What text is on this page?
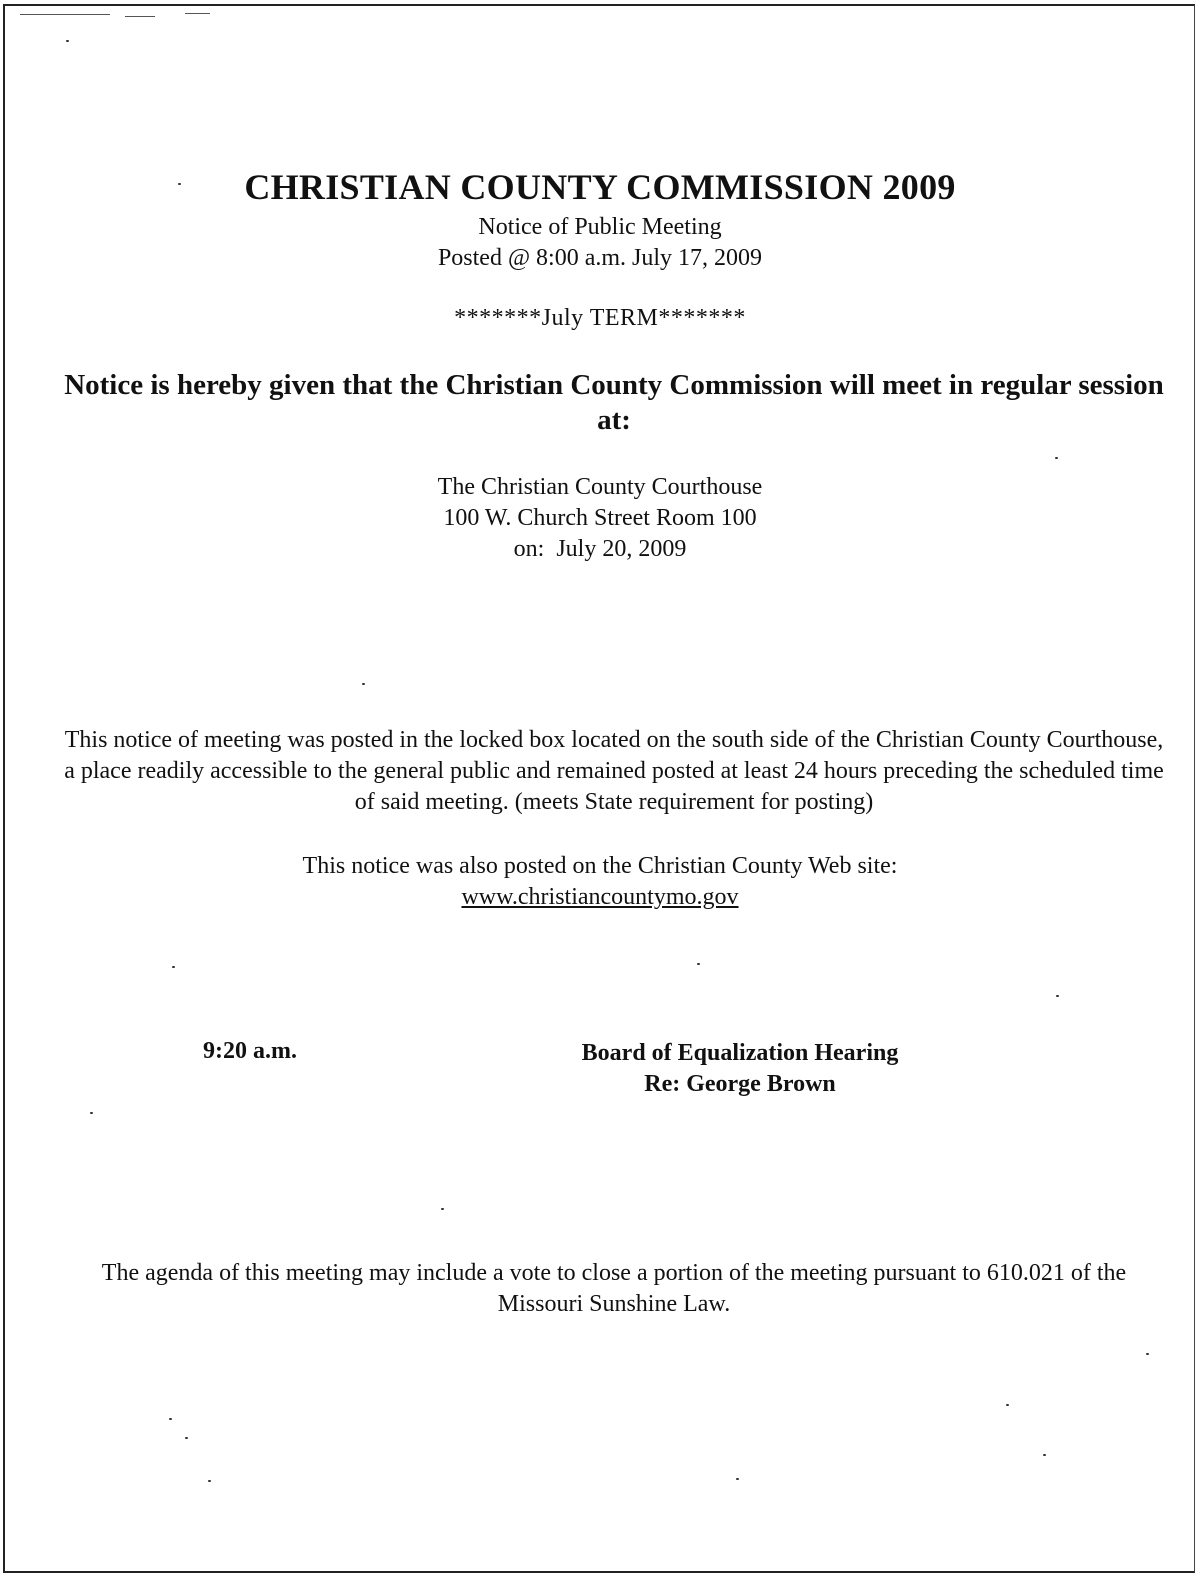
CHRISTIAN COUNTY COMMISSION 2009
Notice of Public Meeting
Posted @ 8:00 a.m. July 17, 2009
*******July TERM*******
Notice is hereby given that the Christian County Commission will meet in regular session at:
The Christian County Courthouse
100 W. Church Street Room 100
on:  July 20, 2009
This notice of meeting was posted in the locked box located on the south side of the Christian County Courthouse, a place readily accessible to the general public and remained posted at least 24 hours preceding the scheduled time of said meeting. (meets State requirement for posting)
This notice was also posted on the Christian County Web site:
www.christiancountymo.gov
9:20 a.m.	Board of Equalization Hearing
Re: George Brown
The agenda of this meeting may include a vote to close a portion of the meeting pursuant to 610.021 of the Missouri Sunshine Law.
